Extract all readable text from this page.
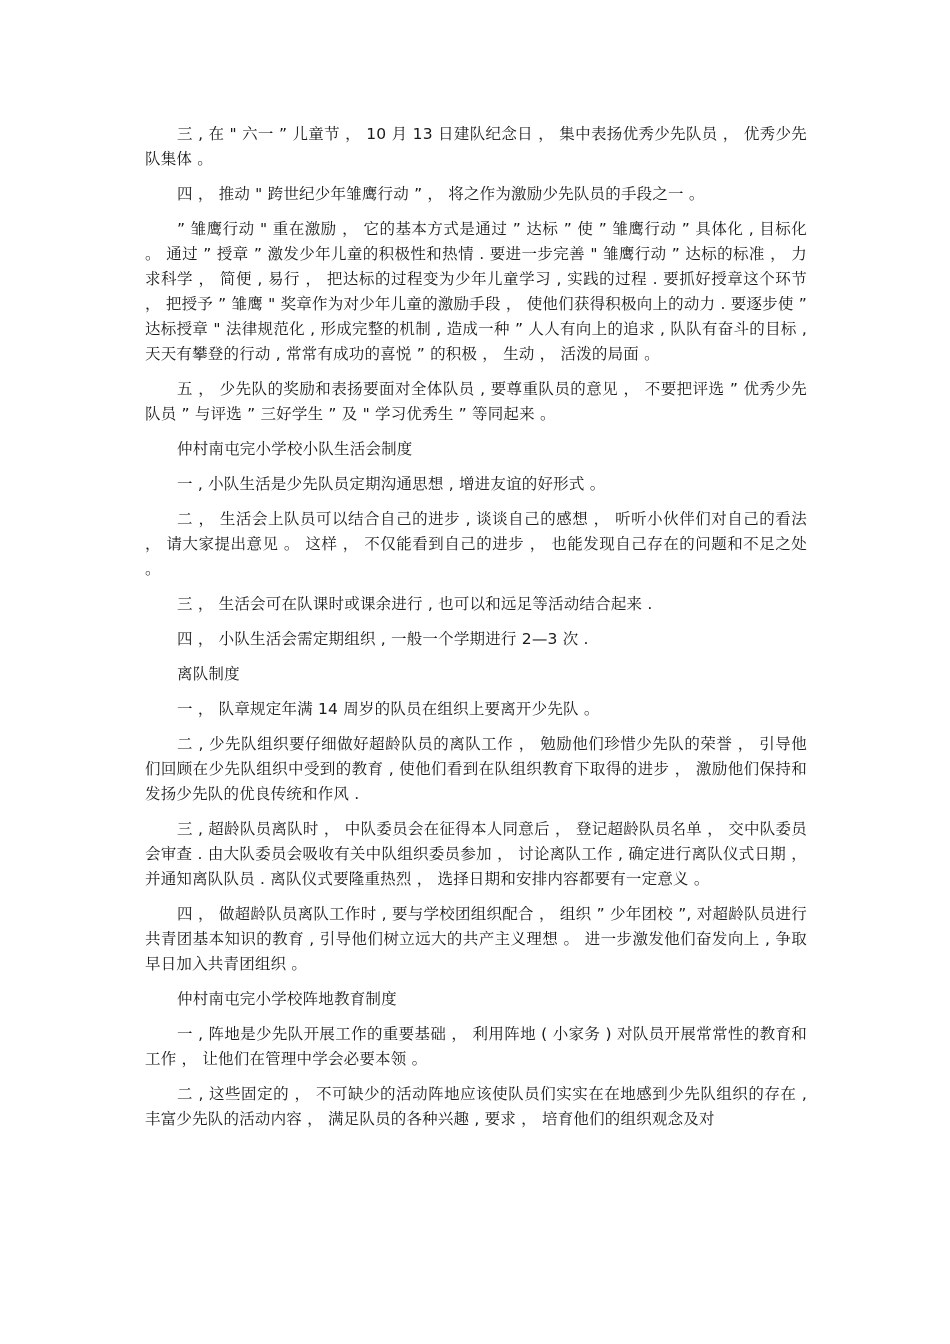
三 , 在 " 六一 ” 儿童节 ， 10 月 13 日建队纪念日 ， 集中表扬优秀少先队员 ， 优秀少先队集体 。

四 ， 推动 " 跨世纪少年雏鹰行动 ” ， 将之作为激励少先队员的手段之一 。

” 雏鹰行动 " 重在激励 ， 它的基本方式是通过 ” 达标 ” 使 ” 雏鹰行动 ” 具体化 , 目标化 。 通过 ” 授章 ” 激发少年儿童的积极性和热情 . 要进一步完善 " 雏鹰行动 ” 达标的标准 ， 力求科学 ， 简便 , 易行 ， 把达标的过程变为少年儿童学习 , 实践的过程 . 要抓好授章这个环节 ， 把授予 ” 雏鹰 " 奖章作为对少年儿童的激励手段 ， 使他们获得积极向上的动力 . 要逐步使 ” 达标授章 " 法律规范化 , 形成完整的机制 , 造成一种 ” 人人有向上的追求 , 队队有奋斗的目标 , 天天有攀登的行动 , 常常有成功的喜悦 ” 的积极 ， 生动 ， 活泼的局面 。

五 ， 少先队的奖励和表扬要面对全体队员 , 要尊重队员的意见 ， 不要把评选 ” 优秀少先队员 ” 与评选 ” 三好学生 ” 及 " 学习优秀生 ” 等同起来 。

仲村南屯完小学校小队生活会制度

一 , 小队生活是少先队员定期沟通思想 , 增进友谊的好形式 。

二 ， 生活会上队员可以结合自己的进步 , 谈谈自己的感想 ， 听听小伙伴们对自己的看法 ， 请大家提出意见 。 这样 ， 不仅能看到自己的进步 ， 也能发现自己存在的问题和不足之处 。

三 ， 生活会可在队课时或课余进行 , 也可以和远足等活动结合起来 .

四 ， 小队生活会需定期组织 , 一般一个学期进行 2—3 次 .

离队制度

一 ， 队章规定年满 14 周岁的队员在组织上要离开少先队 。

二 , 少先队组织要仔细做好超龄队员的离队工作 ， 勉励他们珍惜少先队的荣誉 ， 引导他们回顾在少先队组织中受到的教育 , 使他们看到在队组织教育下取得的进步 ， 激励他们保持和发扬少先队的优良传统和作风 .

三 , 超龄队员离队时 ， 中队委员会在征得本人同意后 ， 登记超龄队员名单 ， 交中队委员会审查 . 由大队委员会吸收有关中队组织委员参加 ， 讨论离队工作 , 确定进行离队仪式日期 ， 并通知离队队员 . 离队仪式要隆重热烈 ， 选择日期和安排内容都要有一定意义 。

四 ， 做超龄队员离队工作时 , 要与学校团组织配合 ， 组织 ” 少年团校 ”, 对超龄队员进行共青团基本知识的教育 , 引导他们树立远大的共产主义理想 。 进一步激发他们奋发向上 , 争取早日加入共青团组织 。

仲村南屯完小学校阵地教育制度

一 , 阵地是少先队开展工作的重要基础 ， 利用阵地 ( 小家务 ) 对队员开展常常性的教育和工作 ， 让他们在管理中学会必要本领 。

二 , 这些固定的 ， 不可缺少的活动阵地应该使队员们实实在在地感到少先队组织的存在 , 丰富少先队的活动内容 ， 满足队员的各种兴趣 , 要求 ， 培育他们的组织观念及对
